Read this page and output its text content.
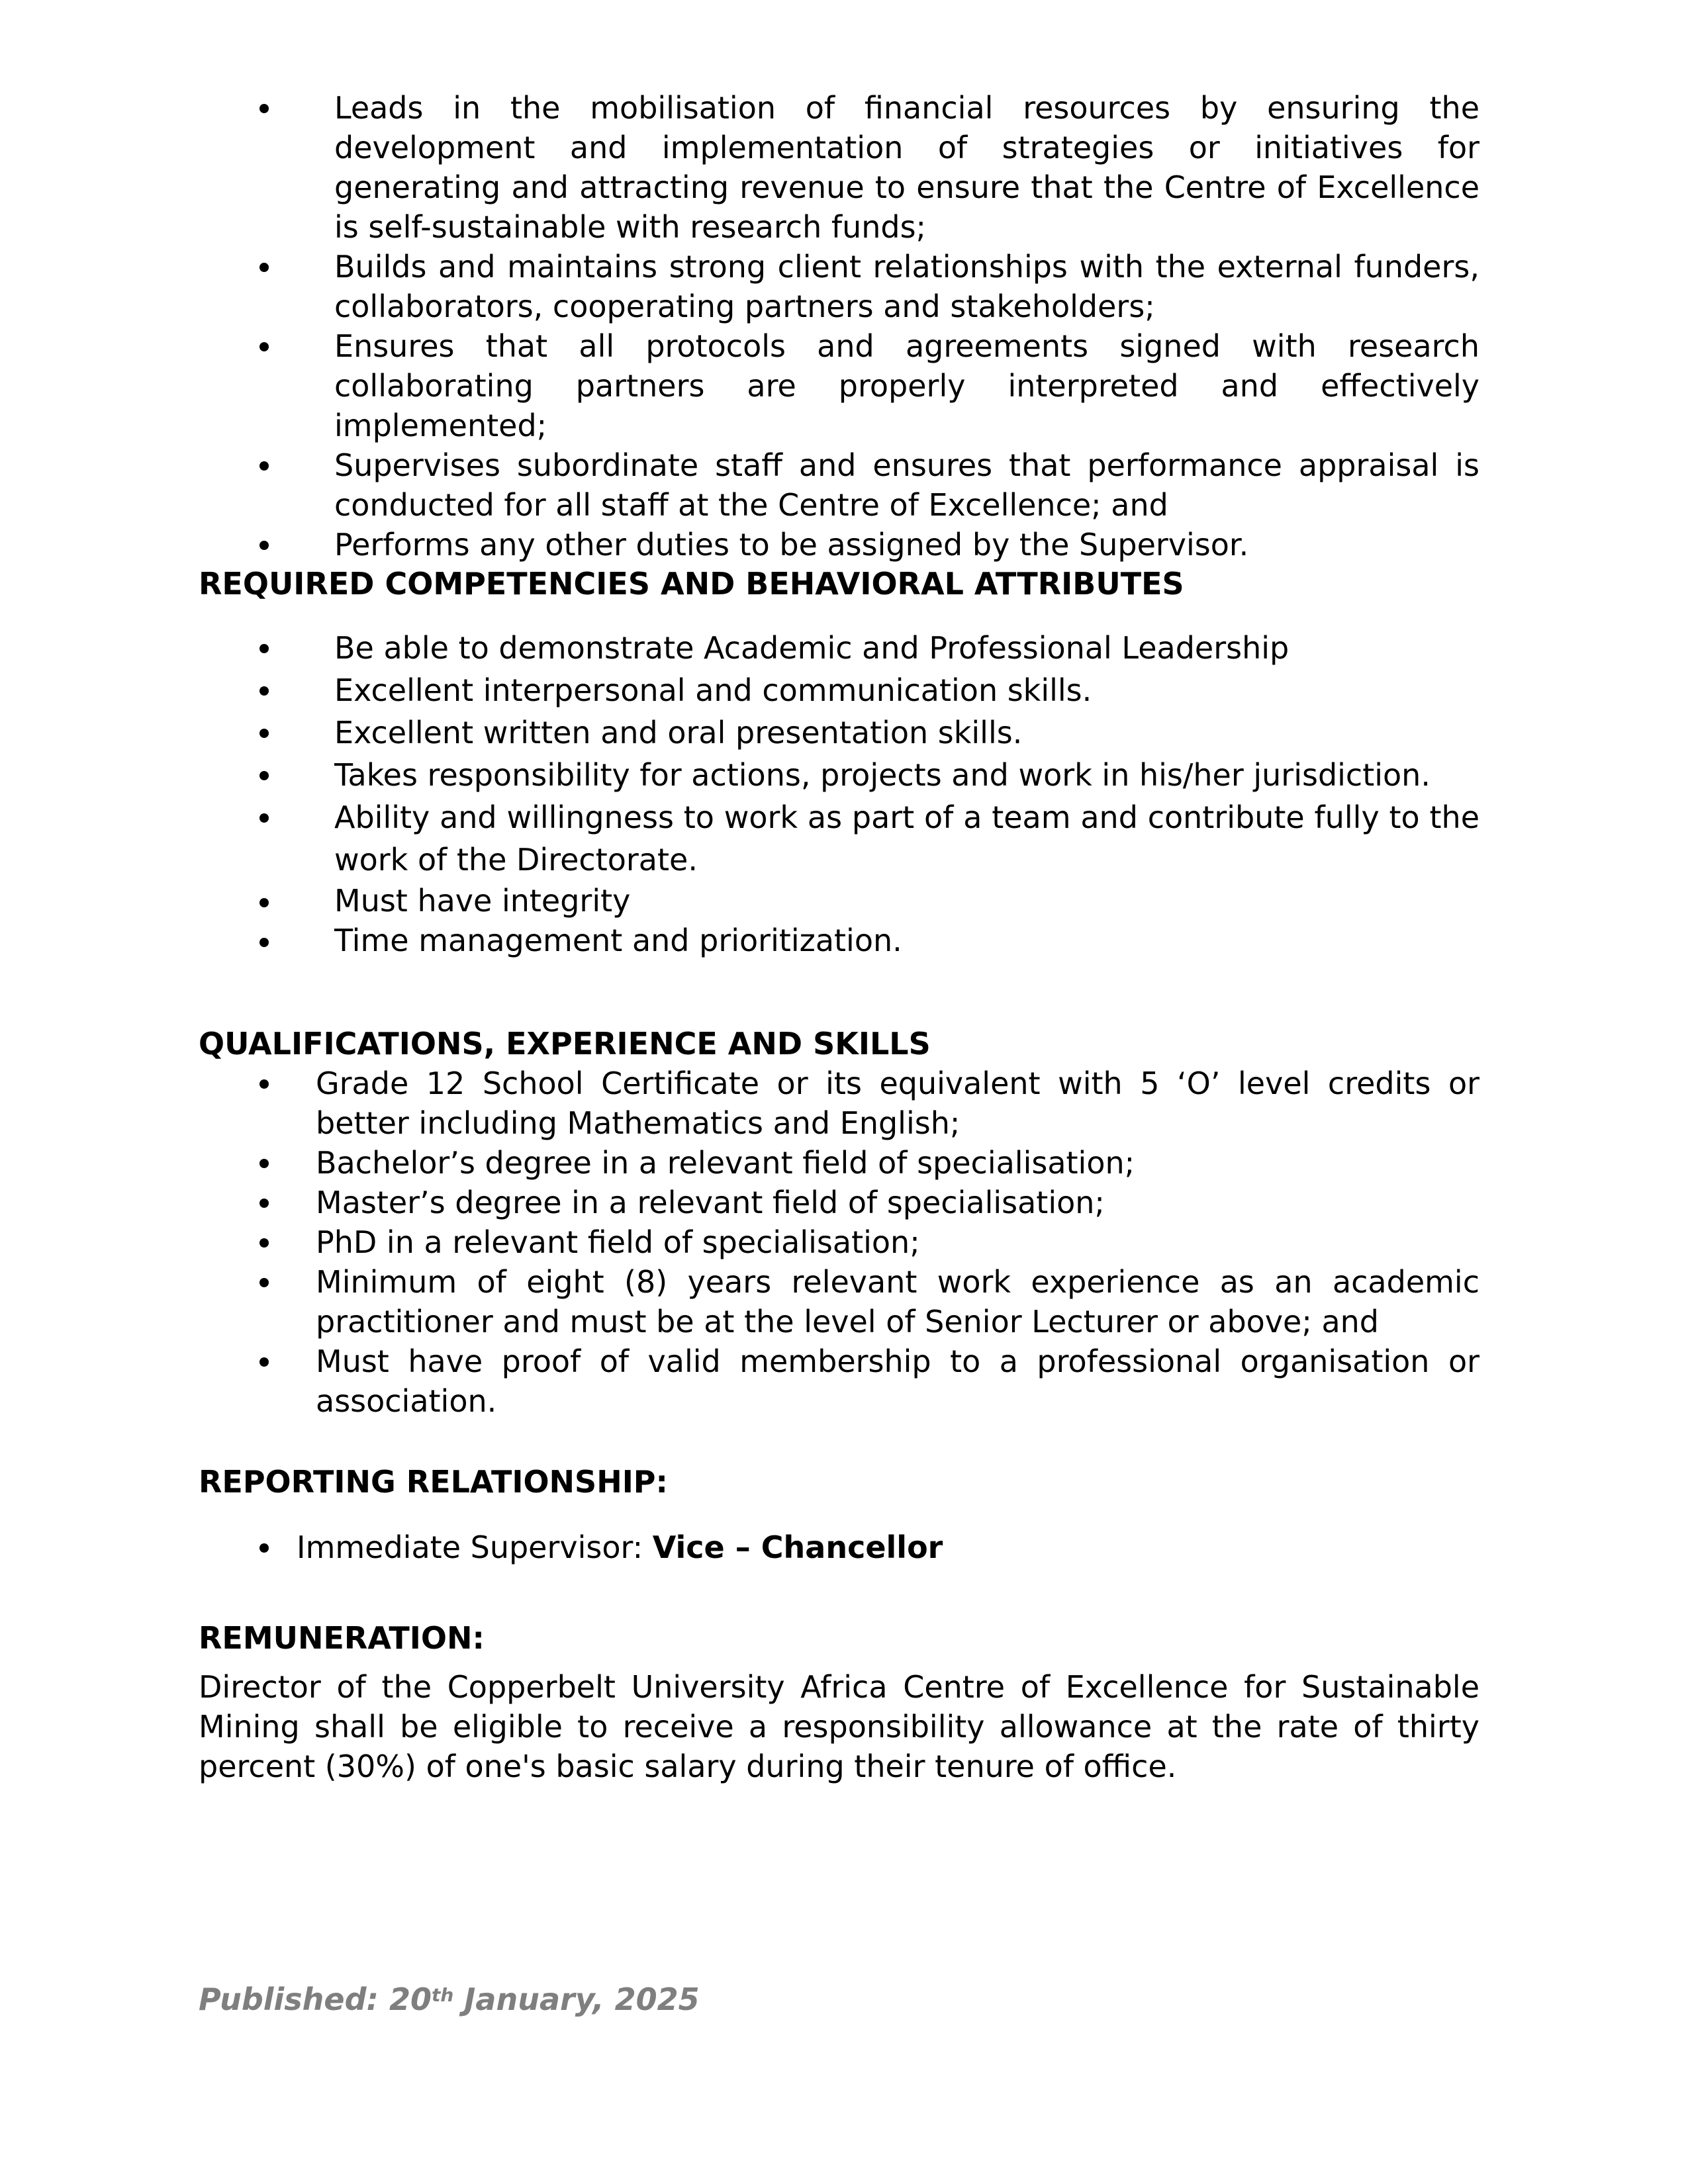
Leads in the mobilisation of financial resources by ensuring the development and implementation of strategies or initiatives for generating and attracting revenue to ensure that the Centre of Excellence is self-sustainable with research funds;
Builds and maintains strong client relationships with the external funders, collaborators, cooperating partners and stakeholders;
Ensures that all protocols and agreements signed with research collaborating partners are properly interpreted and effectively implemented;
Supervises subordinate staff and ensures that performance appraisal is conducted for all staff at the Centre of Excellence; and
Performs any other duties to be assigned by the Supervisor.
REQUIRED COMPETENCIES AND BEHAVIORAL ATTRIBUTES
Be able to demonstrate Academic and Professional Leadership
Excellent interpersonal and communication skills.
Excellent written and oral presentation skills.
Takes responsibility for actions, projects and work in his/her jurisdiction.
Ability and willingness to work as part of a team and contribute fully to the work of the Directorate.
Must have integrity
Time management and prioritization.
QUALIFICATIONS, EXPERIENCE AND SKILLS
Grade 12 School Certificate or its equivalent with 5 ‘O’ level credits or better including Mathematics and English;
Bachelor’s degree in a relevant field of specialisation;
Master’s degree in a relevant field of specialisation;
PhD in a relevant field of specialisation;
Minimum of eight (8) years relevant work experience as an academic practitioner and must be at the level of Senior Lecturer or above; and
Must have proof of valid membership to a professional organisation or association.
REPORTING RELATIONSHIP:
Immediate Supervisor: Vice – Chancellor
REMUNERATION:

Director of the Copperbelt University Africa Centre of Excellence for Sustainable Mining shall be eligible to receive a responsibility allowance at the rate of thirty percent (30%) of one's basic salary during their tenure of office.

Published: 20th January, 2025
